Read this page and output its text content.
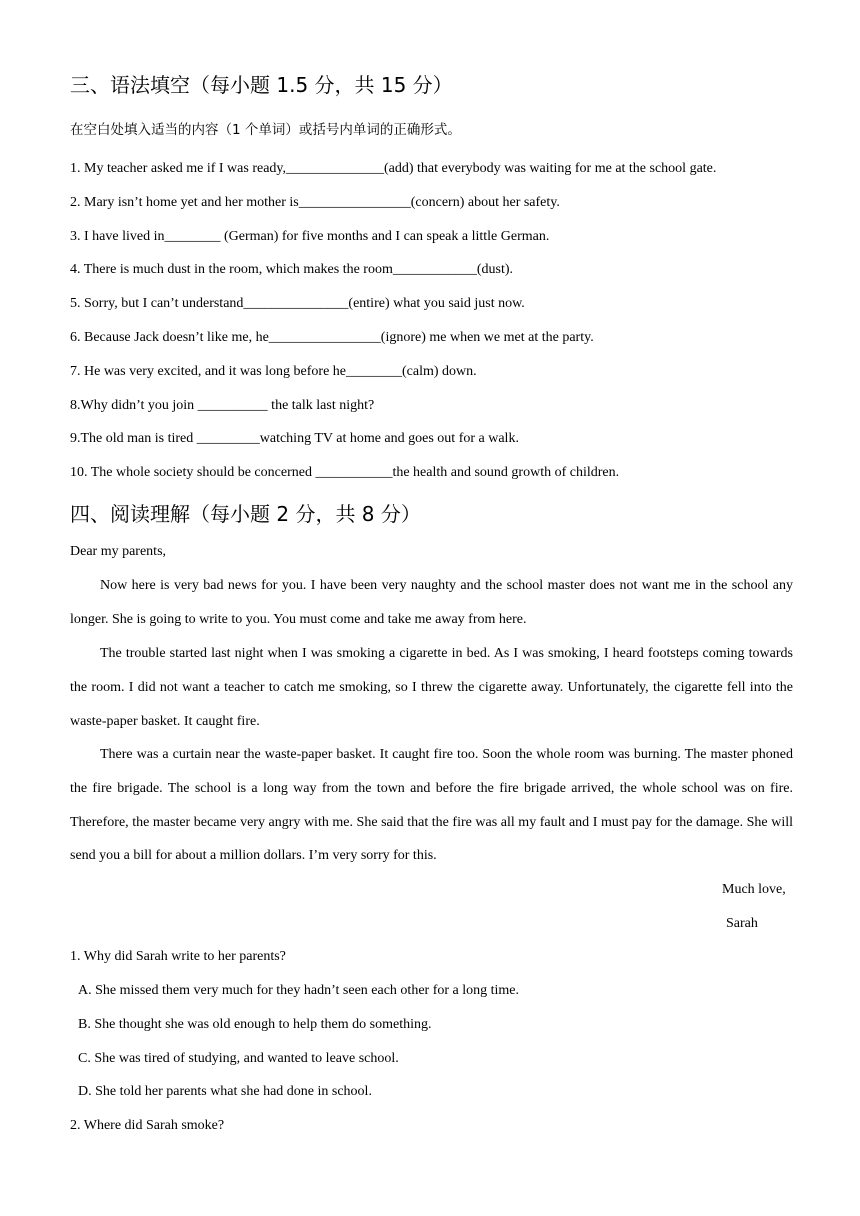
三、语法填空（每小题 1.5 分，共 15 分）
在空白处填入适当的内容（1 个单词）或括号内单词的正确形式。
1. My teacher asked me if I was ready,______________(add) that everybody was waiting for me at the school gate.
2. Mary isn’t home yet and her mother is________________(concern) about her safety.
3. I have lived in________ (German) for five months and I can speak a little German.
4. There is much dust in the room, which makes the room____________(dust).
5. Sorry, but I can’t understand_______________(entire) what you said just now.
6. Because Jack doesn’t like me, he________________(ignore) me when we met at the party.
7. He was very excited, and it was long before he________(calm) down.
8.Why didn’t you join __________ the talk last night?
9.The old man is tired _________watching TV at home and goes out for a walk.
10. The whole society should be concerned ___________the health and sound growth of children.
四、阅读理解（每小题 2 分，共 8 分）
Dear my parents,
Now here is very bad news for you. I have been very naughty and the school master does not want me in the school any longer. She is going to write to you. You must come and take me away from here.
The trouble started last night when I was smoking a cigarette in bed. As I was smoking, I heard footsteps coming towards the room. I did not want a teacher to catch me smoking, so I threw the cigarette away. Unfortunately, the cigarette fell into the waste-paper basket. It caught fire.
There was a curtain near the waste-paper basket. It caught fire too. Soon the whole room was burning. The master phoned the fire brigade. The school is a long way from the town and before the fire brigade arrived, the whole school was on fire. Therefore, the master became very angry with me. She said that the fire was all my fault and I must pay for the damage. She will send you a bill for about a million dollars. I’m very sorry for this.
Much love,
Sarah
1. Why did Sarah write to her parents?
A. She missed them very much for they hadn’t seen each other for a long time.
B. She thought she was old enough to help them do something.
C. She was tired of studying, and wanted to leave school.
D. She told her parents what she had done in school.
2. Where did Sarah smoke?
